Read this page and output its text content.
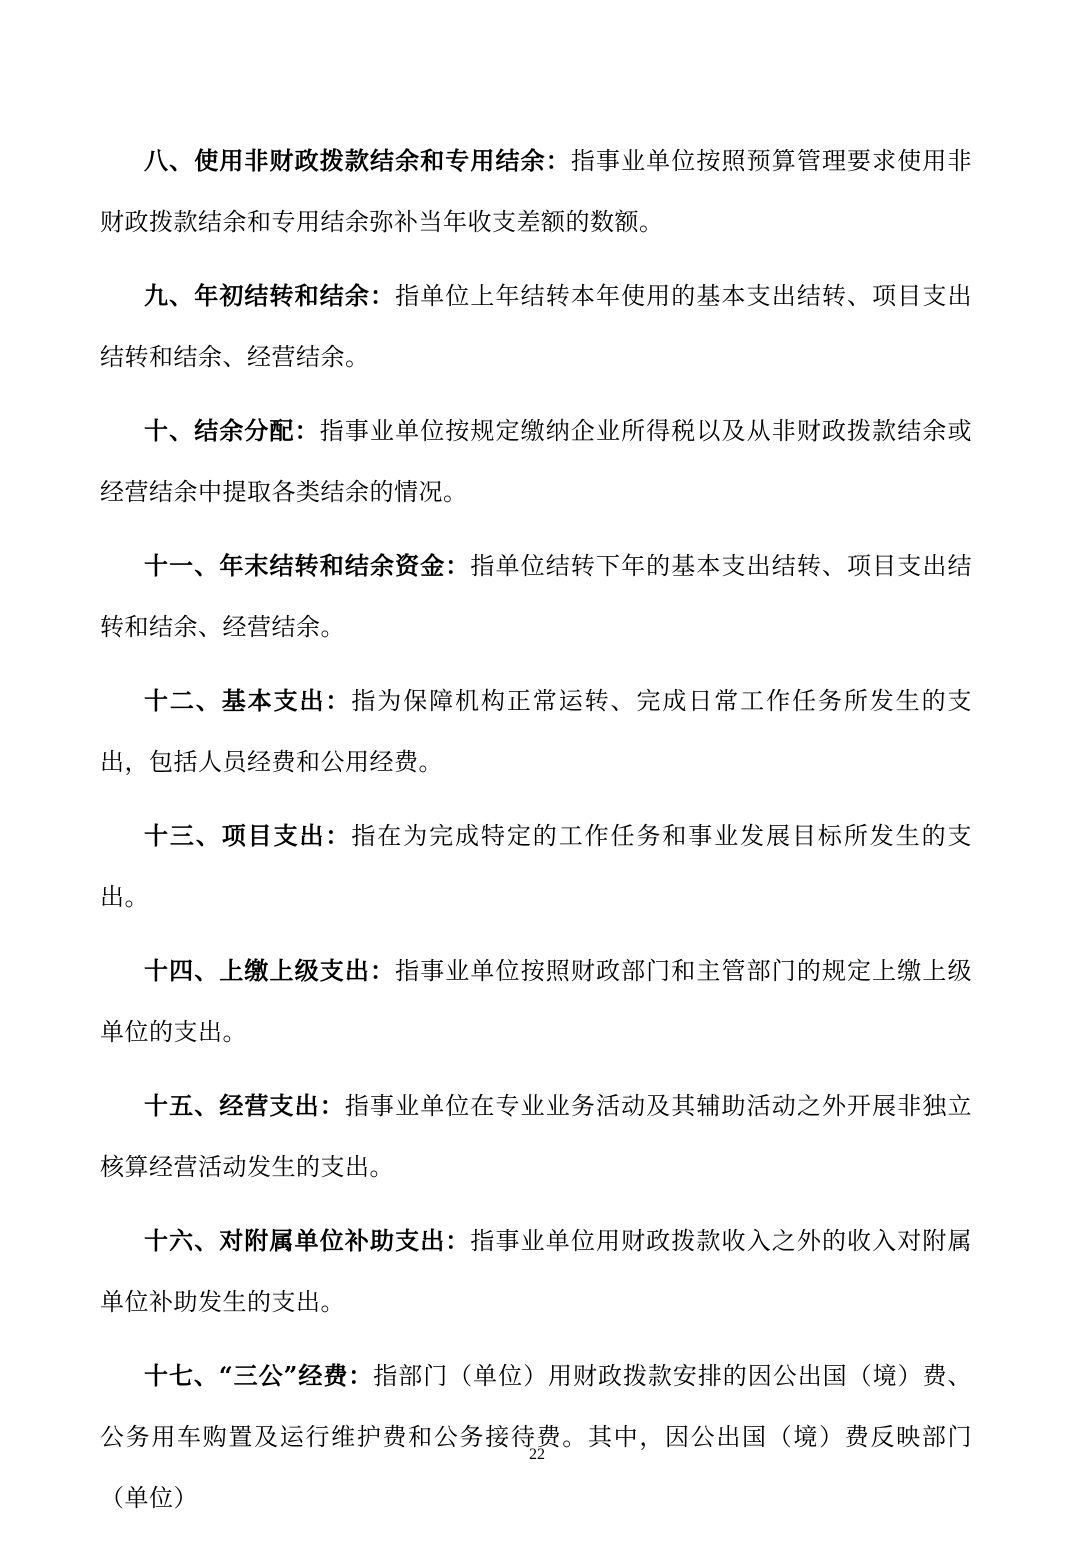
八、使用非财政拨款结余和专用结余：指事业单位按照预算管理要求使用非财政拨款结余和专用结余弥补当年收支差额的数额。

九、年初结转和结余：指单位上年结转本年使用的基本支出结转、项目支出结转和结余、经营结余。

十、结余分配：指事业单位按规定缴纳企业所得税以及从非财政拨款结余或经营结余中提取各类结余的情况。

十一、年末结转和结余资金：指单位结转下年的基本支出结转、项目支出结转和结余、经营结余。

十二、基本支出：指为保障机构正常运转、完成日常工作任务所发生的支出，包括人员经费和公用经费。

十三、项目支出：指在为完成特定的工作任务和事业发展目标所发生的支出。

十四、上缴上级支出：指事业单位按照财政部门和主管部门的规定上缴上级单位的支出。

十五、经营支出：指事业单位在专业业务活动及其辅助活动之外开展非独立核算经营活动发生的支出。

十六、对附属单位补助支出：指事业单位用财政拨款收入之外的收入对附属单位补助发生的支出。

十七、“三公”经费：指部门（单位）用财政拨款安排的因公出国（境）费、公务用车购置及运行维护费和公务接待费。其中，因公出国（境）费反映部门（单位）

22
